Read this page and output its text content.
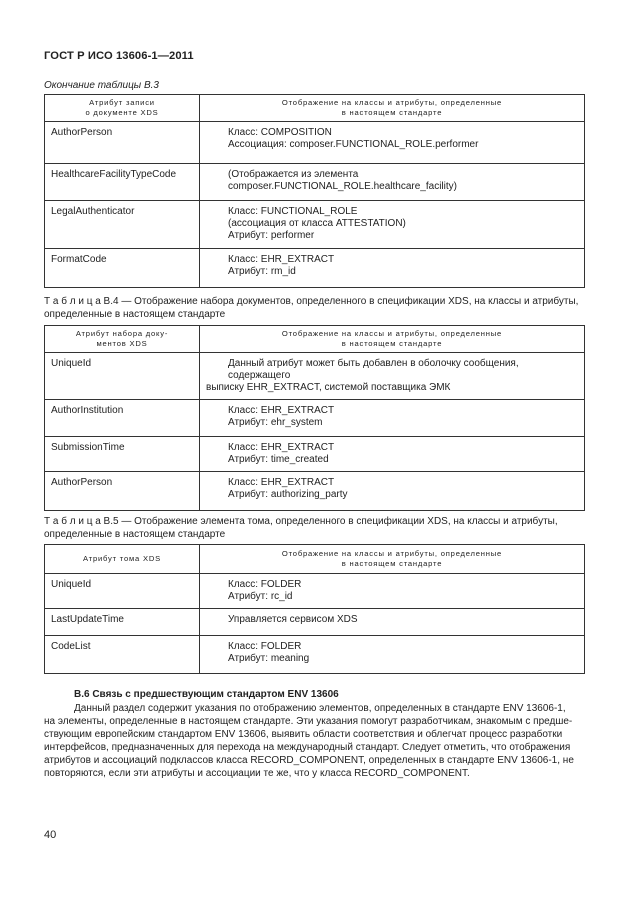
ГОСТ Р ИСО 13606-1—2011
Окончание таблицы В.3
Атрибут записи
о документе XDS	Отображение на классы и атрибуты, определенные
в настоящем стандарте

AuthorPerson	Класс: COMPOSITION
Ассоциация: composer.FUNCTIONAL_ROLE.performer

HealthcareFacilityTypeCode	(Отображается из элемента
composer.FUNCTIONAL_ROLE.healthcare_facility)

LegalAuthenticator	Класс: FUNCTIONAL_ROLE
(ассоциация от класса ATTESTATION)
Атрибут: performer

FormatCode	Класс: EHR_EXTRACT
Атрибут: rm_id
Т а б л и ц а В.4 — Отображение набора документов, определенного в спецификации XDS, на классы и атрибуты,
определенные в настоящем стандарте
Атрибут набора доку-
ментов XDS	Отображение на классы и атрибуты, определенные
в настоящем стандарте

UniqueId	Данный атрибут может быть добавлен в оболочку сообщения, содержащего
выписку EHR_EXTRACT, системой поставщика ЭМК

AuthorInstitution	Класс: EHR_EXTRACT
Атрибут: ehr_system

SubmissionTime	Класс: EHR_EXTRACT
Атрибут: time_created

AuthorPerson	Класс: EHR_EXTRACT
Атрибут: authorizing_party
Т а б л и ц а В.5 — Отображение элемента тома, определенного в спецификации XDS, на классы и атрибуты,
определенные в настоящем стандарте
Атрибут тома XDS	Отображение на классы и атрибуты, определенные
в настоящем стандарте

UniqueId	Класс: FOLDER
Атрибут: rc_id

LastUpdateTime	Управляется сервисом XDS

CodeList	Класс: FOLDER
Атрибут: meaning
В.6 Связь с предшествующим стандартом ENV 13606
Данный раздел содержит указания по отображению элементов, определенных в стандарте ENV 13606-1,
на элементы, определенные в настоящем стандарте. Эти указания помогут разработчикам, знакомым с предше-
ствующим европейским стандартом ENV 13606, выявить области соответствия и облегчат процесс разработки
интерфейсов, предназначенных для перехода на международный стандарт. Следует отметить, что отображения
атрибутов и ассоциаций подклассов класса RECORD_COMPONENT, определенных в стандарте ENV 13606-1, не
повторяются, если эти атрибуты и ассоциации те же, что у класса RECORD_COMPONENT.
40
